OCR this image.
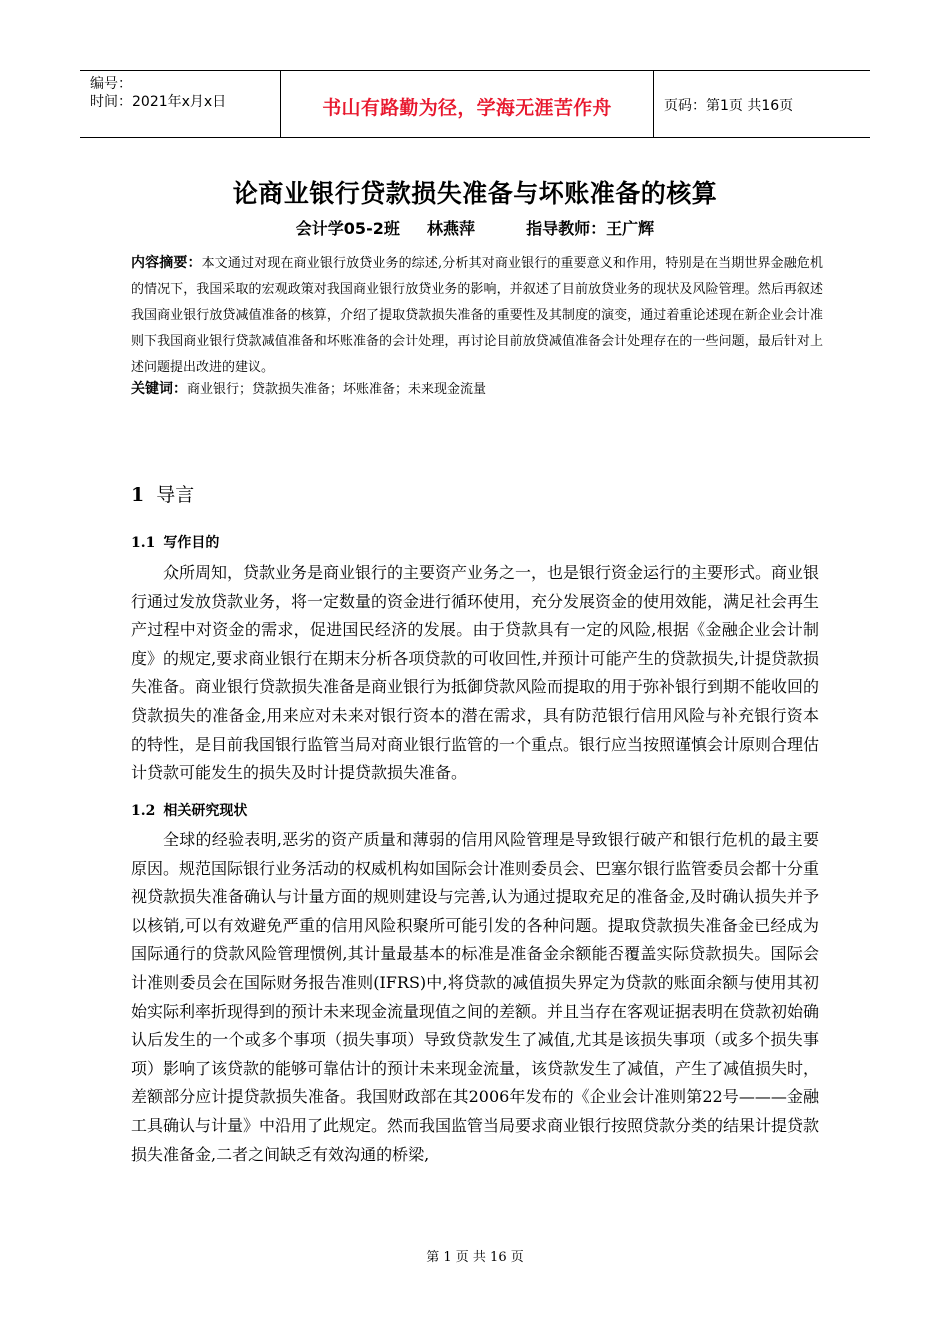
编号：
时间：2021年x月x日	书山有路勤为径，学海无涯苦作舟	页码：第1页 共16页
论商业银行贷款损失准备与坏账准备的核算
会计学05-2班 林燕萍	指导教师：王广辉
内容摘要：本文通过对现在商业银行放贷业务的综述,分析其对商业银行的重要意义和作用，特别是在当期世界金融危机的情况下，我国采取的宏观政策对我国商业银行放贷业务的影响，并叙述了目前放贷业务的现状及风险管理。然后再叙述我国商业银行放贷减值准备的核算，介绍了提取贷款损失准备的重要性及其制度的演变，通过着重论述现在新企业会计准则下我国商业银行贷款减值准备和坏账准备的会计处理，再讨论目前放贷减值准备会计处理存在的一些问题，最后针对上述问题提出改进的建议。
关键词：商业银行；贷款损失准备；坏账准备；未来现金流量
1 导言
1.1 写作目的
众所周知，贷款业务是商业银行的主要资产业务之一，也是银行资金运行的主要形式。商业银行通过发放贷款业务，将一定数量的资金进行循环使用，充分发展资金的使用效能，满足社会再生产过程中对资金的需求，促进国民经济的发展。由于贷款具有一定的风险,根据《金融企业会计制度》的规定,要求商业银行在期末分析各项贷款的可收回性,并预计可能产生的贷款损失,计提贷款损失准备。商业银行贷款损失准备是商业银行为抵御贷款风险而提取的用于弥补银行到期不能收回的贷款损失的准备金,用来应对未来对银行资本的潜在需求，具有防范银行信用风险与补充银行资本的特性，是目前我国银行监管当局对商业银行监管的一个重点。银行应当按照谨慎会计原则合理估计贷款可能发生的损失及时计提贷款损失准备。
1.2 相关研究现状
全球的经验表明,恶劣的资产质量和薄弱的信用风险管理是导致银行破产和银行危机的最主要原因。规范国际银行业务活动的权威机构如国际会计准则委员会、巴塞尔银行监管委员会都十分重视贷款损失准备确认与计量方面的规则建设与完善,认为通过提取充足的准备金,及时确认损失并予以核销,可以有效避免严重的信用风险积聚所可能引发的各种问题。提取贷款损失准备金已经成为国际通行的贷款风险管理惯例,其计量最基本的标准是准备金余额能否覆盖实际贷款损失。国际会计准则委员会在国际财务报告准则(IFRS)中,将贷款的减值损失界定为贷款的账面余额与使用其初始实际利率折现得到的预计未来现金流量现值之间的差额。并且当存在客观证据表明在贷款初始确认后发生的一个或多个事项（损失事项）导致贷款发生了减值,尤其是该损失事项（或多个损失事项）影响了该贷款的能够可靠估计的预计未来现金流量，该贷款发生了减值，产生了减值损失时，差额部分应计提贷款损失准备。我国财政部在其2006年发布的《企业会计准则第22号———金融工具确认与计量》中沿用了此规定。然而我国监管当局要求商业银行按照贷款分类的结果计提贷款损失准备金,二者之间缺乏有效沟通的桥梁,
第 1 页 共 16 页
